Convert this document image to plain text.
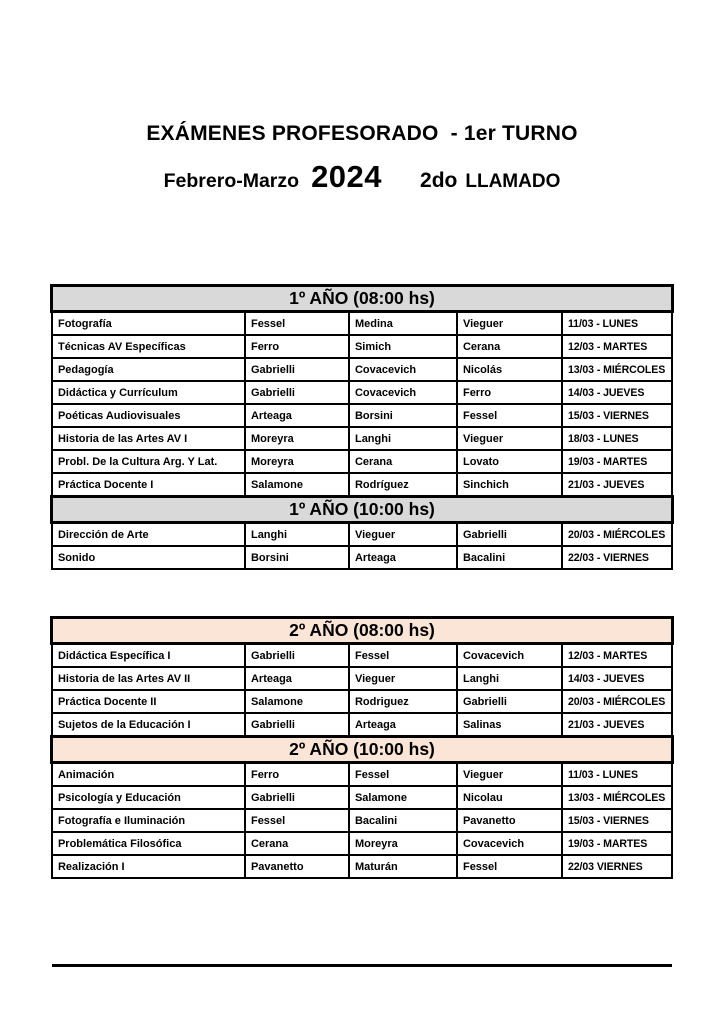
EXÁMENES PROFESORADO  - 1er TURNO
Febrero-Marzo 2024 2do LLAMADO
1º AÑO (08:00 hs)				
Fotografía	Fessel	Medina	Vieguer	11/03 - LUNES
Técnicas AV Específicas	Ferro	Simich	Cerana	12/03 - MARTES
Pedagogía	Gabrielli	Covacevich	Nicolás	13/03 - MIÉRCOLES
Didáctica y Currículum	Gabrielli	Covacevich	Ferro	14/03 - JUEVES
Poéticas Audiovisuales	Arteaga	Borsini	Fessel	15/03 - VIERNES
Historia de las Artes AV I	Moreyra	Langhi	Vieguer	18/03 - LUNES
Probl. De la Cultura Arg. Y Lat.	Moreyra	Cerana	Lovato	19/03 - MARTES
Práctica Docente I	Salamone	Rodríguez	Sinchich	21/03 - JUEVES
1º AÑO (10:00 hs)				
Dirección de Arte	Langhi	Vieguer	Gabrielli	20/03 - MIÉRCOLES
Sonido	Borsini	Arteaga	Bacalini	22/03 - VIERNES
2º AÑO (08:00 hs)				
Didáctica Específica I	Gabrielli	Fessel	Covacevich	12/03 - MARTES
Historia de las Artes AV II	Arteaga	Vieguer	Langhi	14/03 - JUEVES
Práctica Docente II	Salamone	Rodriguez	Gabrielli	20/03 - MIÉRCOLES
Sujetos de la Educación I	Gabrielli	Arteaga	Salinas	21/03 - JUEVES
2º AÑO (10:00 hs)				
Animación	Ferro	Fessel	Vieguer	11/03 - LUNES
Psicología y Educación	Gabrielli	Salamone	Nicolau	13/03 - MIÉRCOLES
Fotografía e Iluminación	Fessel	Bacalini	Pavanetto	15/03 - VIERNES
Problemática Filosófica	Cerana	Moreyra	Covacevich	19/03 - MARTES
Realización I	Pavanetto	Maturán	Fessel	22/03 VIERNES
